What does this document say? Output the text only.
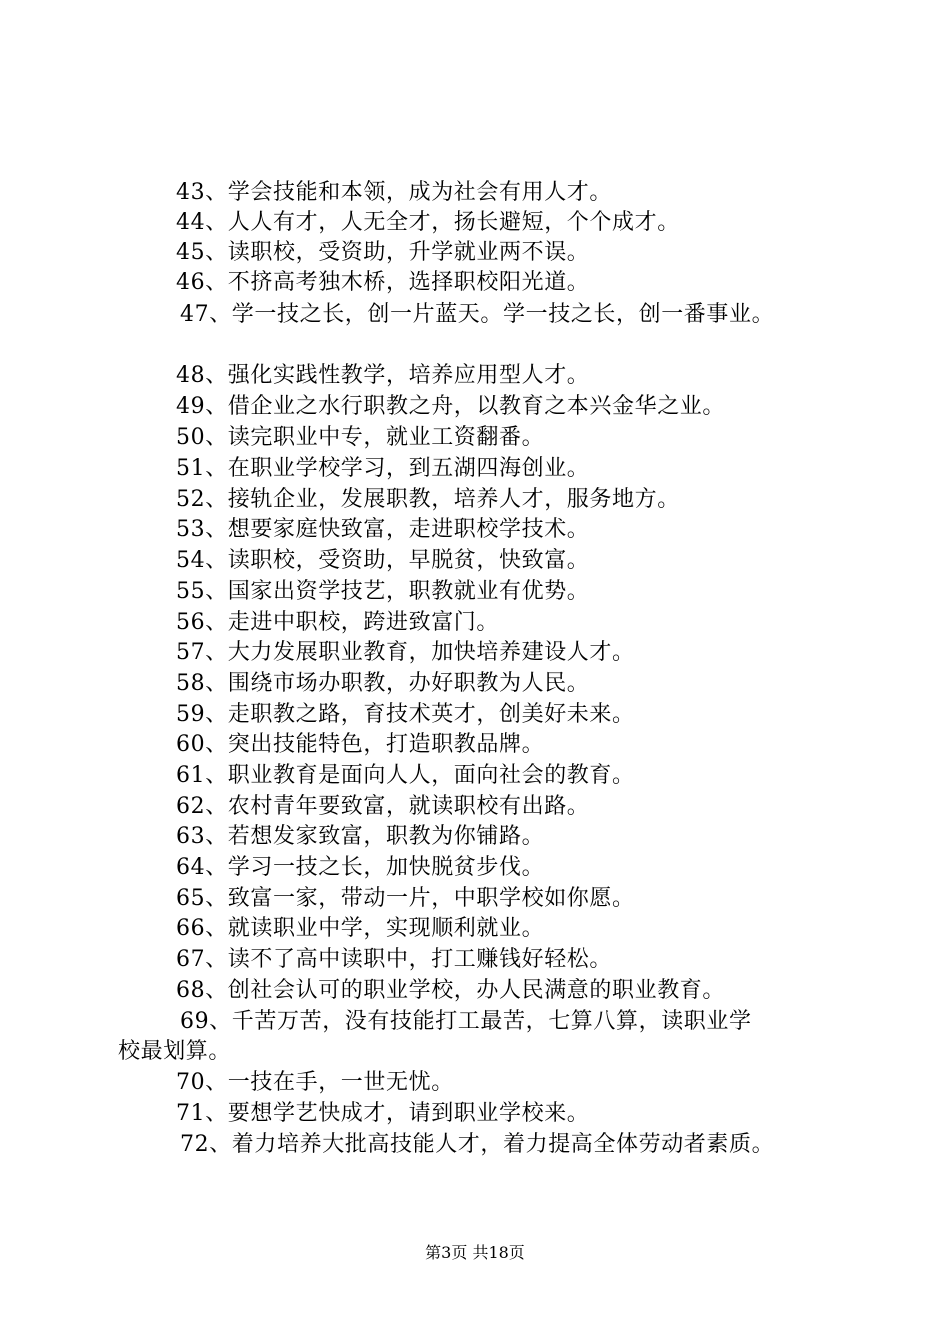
43、学会技能和本领，成为社会有用人才。
44、人人有才，人无全才，扬长避短，个个成才。
45、读职校，受资助，升学就业两不误。
46、不挤高考独木桥，选择职校阳光道。
47、学一技之长，创一片蓝天。学一技之长，创一番事业。
48、强化实践性教学，培养应用型人才。
49、借企业之水行职教之舟，以教育之本兴金华之业。
50、读完职业中专，就业工资翻番。
51、在职业学校学习，到五湖四海创业。
52、接轨企业，发展职教，培养人才，服务地方。
53、想要家庭快致富，走进职校学技术。
54、读职校，受资助，早脱贫，快致富。
55、国家出资学技艺，职教就业有优势。
56、走进中职校，跨进致富门。
57、大力发展职业教育，加快培养建设人才。
58、围绕市场办职教，办好职教为人民。
59、走职教之路，育技术英才，创美好未来。
60、突出技能特色，打造职教品牌。
61、职业教育是面向人人，面向社会的教育。
62、农村青年要致富，就读职校有出路。
63、若想发家致富，职教为你铺路。
64、学习一技之长，加快脱贫步伐。
65、致富一家，带动一片，中职学校如你愿。
66、就读职业中学，实现顺利就业。
67、读不了高中读职中，打工赚钱好轻松。
68、创社会认可的职业学校，办人民满意的职业教育。
69、千苦万苦，没有技能打工最苦，七算八算，读职业学
校最划算。
70、一技在手，一世无忧。
71、要想学艺快成才，请到职业学校来。
72、着力培养大批高技能人才，着力提高全体劳动者素质。
第3页 共18页
